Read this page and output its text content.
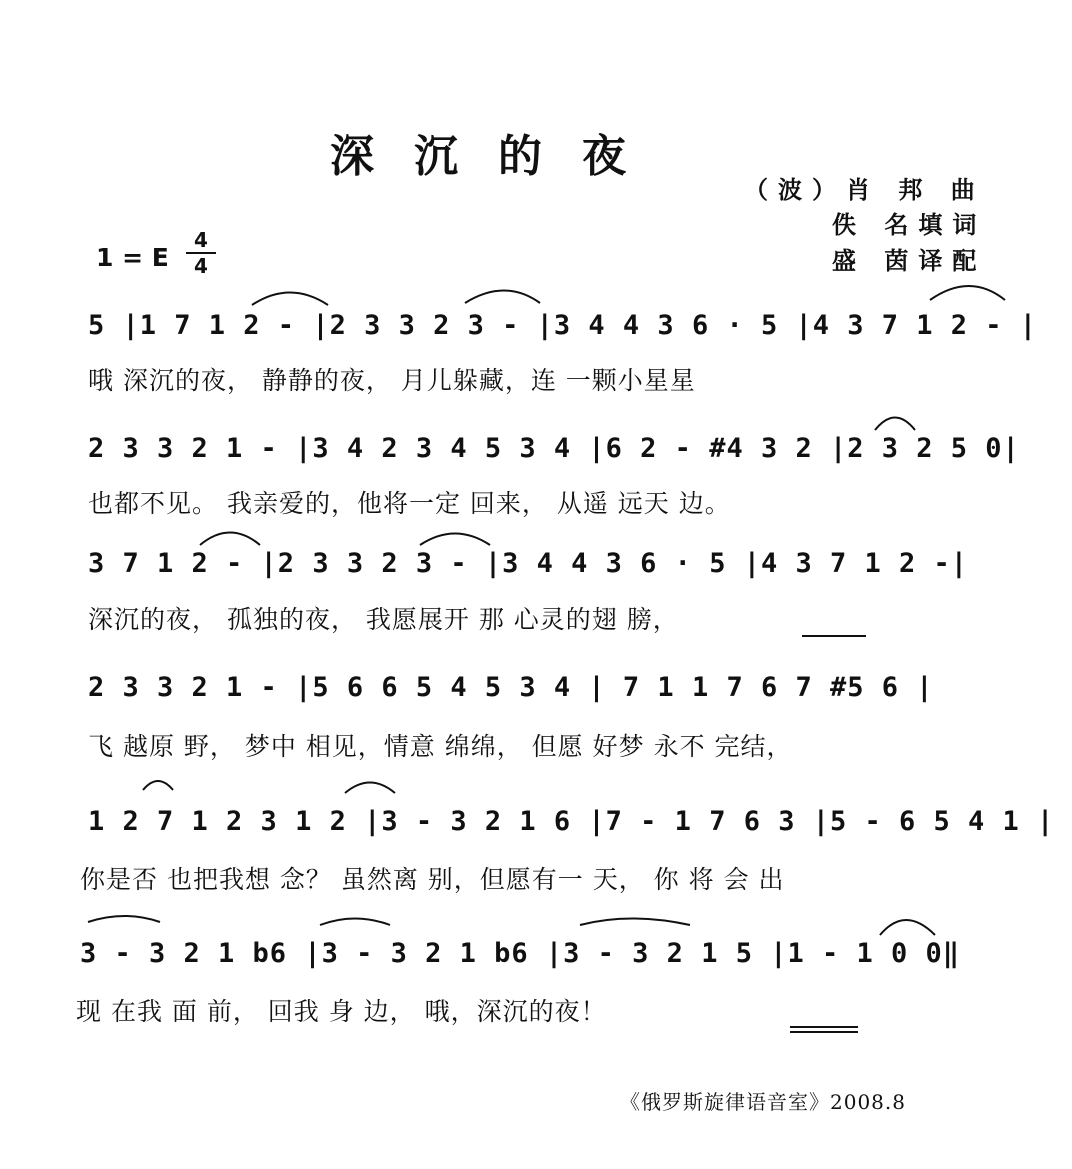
深沉的夜
（波）肖 邦 曲
佚 名填词
盛 茵译配
1 = E
4
4
5 |1 7 1 2 - |2 3 3 2 3 - |3 4 4 3 6 · 5 |4 3 7 1 2 - |
哦 深沉的夜， 静静的夜， 月儿躲藏，连 一颗小星星
2 3 3 2 1 - |3 4 2 3 4 5 3 4 |6 2 - #4 3 2 |2 3 2 5 0|
也都不见。 我亲爱的，他将一定 回来， 从遥 远天 边。
3 7 1 2 - |2 3 3 2 3 - |3 4 4 3 6 · 5 |4 3 7 1 2 -|
深沉的夜， 孤独的夜， 我愿展开 那 心灵的翅 膀，
2 3 3 2 1 - |5 6 6 5 4 5 3 4 | 7 1 1 7 6 7 #5 6 |
飞 越原 野， 梦中 相见，情意 绵绵， 但愿 好梦 永不 完结，
1 2 7 1 2 3 1 2 |3 - 3 2 1 6 |7 - 1 7 6 3 |5 - 6 5 4 1 |
你是否 也把我想 念？ 虽然离 别，但愿有一 天， 你 将 会 出
3 - 3 2 1 b6 |3 - 3 2 1 b6 |3 - 3 2 1 5 |1 - 1 0 0‖
现 在我 面 前， 回我 身 边， 哦，深沉的夜！
《俄罗斯旋律语音室》2008.8
